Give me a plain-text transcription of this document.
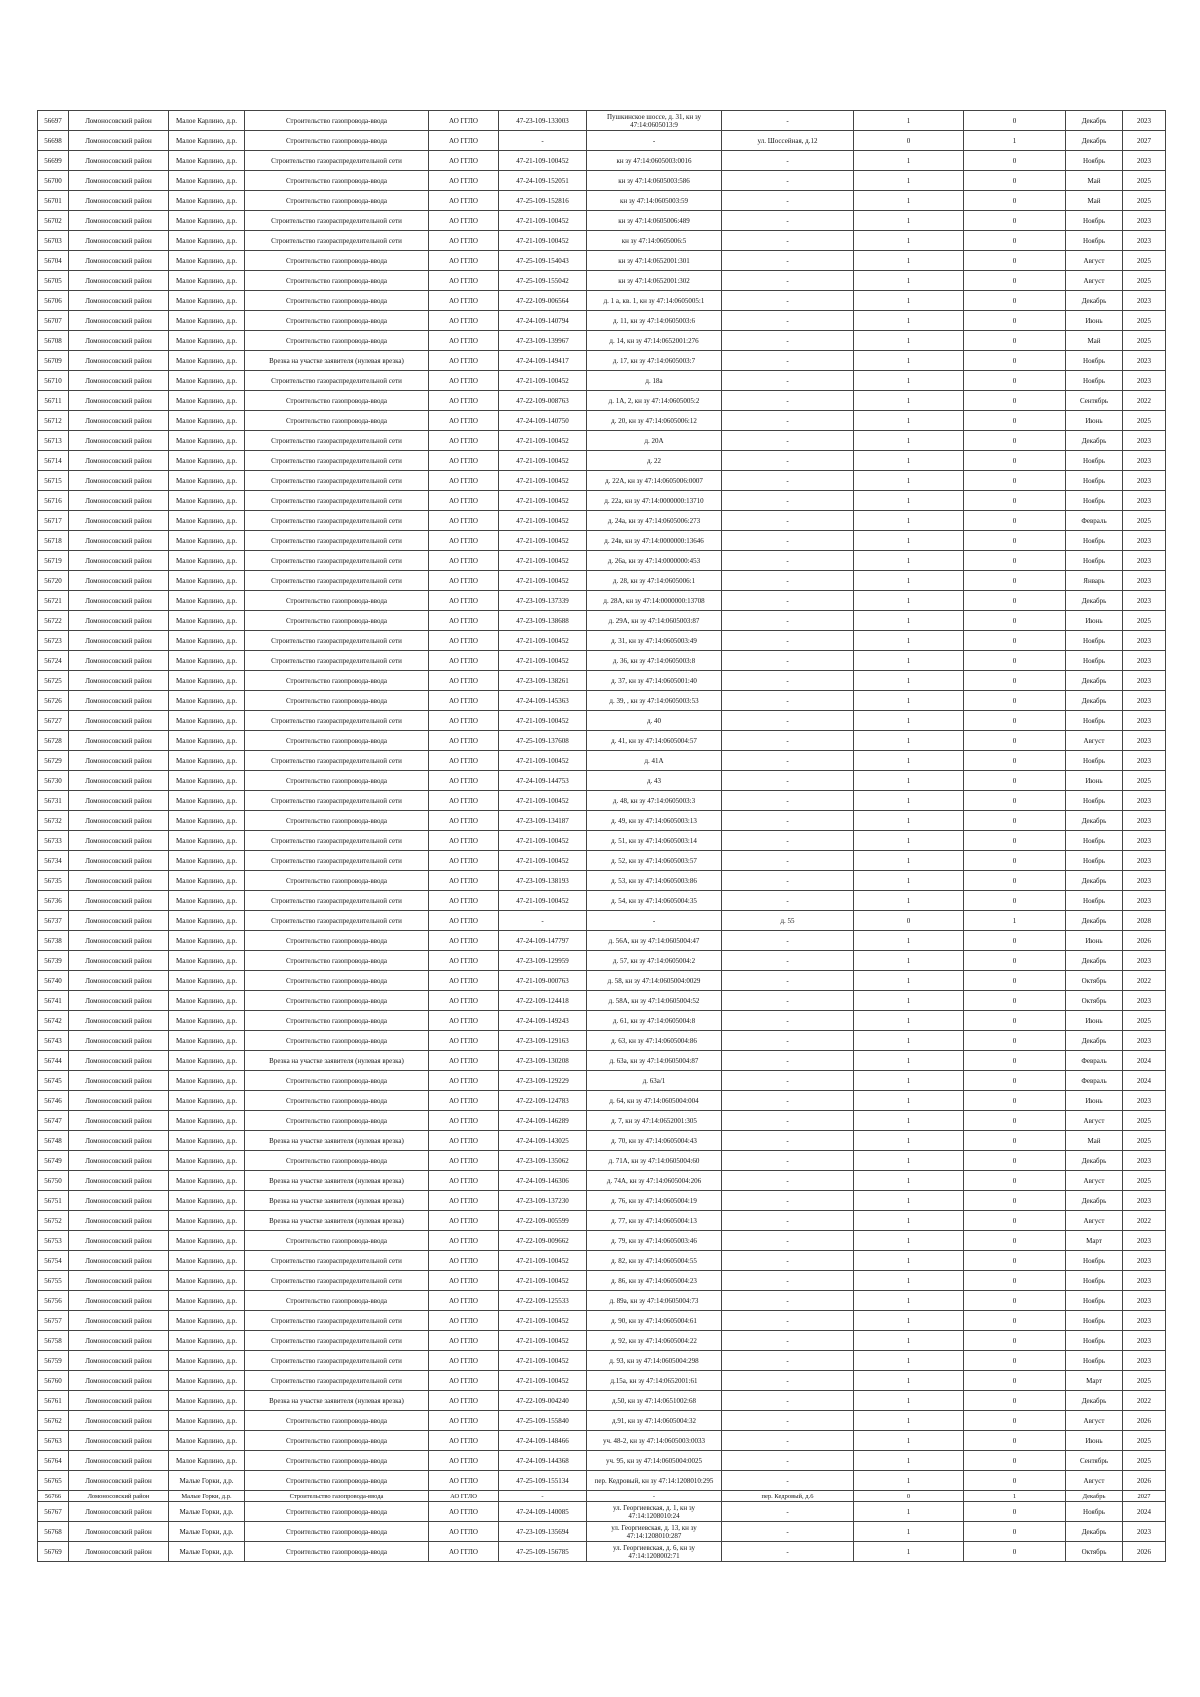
56697	Ломоносовский район	Малое Карлино, д.р.	Строительство газопровода-ввода	АО ГГЛО	47-23-109-133003	Пушкинское шоссе, д. 31, кн зу 47:14:0605013:9	-	1	0	Декабрь	2023
56698	Ломоносовский район	Малое Карлино, д.р.	Строительство газопровода-ввода	АО ГГЛО	-	-	ул. Шоссейная, д.12	0	1	Декабрь	2027
56699	Ломоносовский район	Малое Карлино, д.р.	Строительство газораспределительной сети	АО ГГЛО	47-21-109-100452	кн зу 47:14:0605003:0016	-	1	0	Ноябрь	2023
56700	Ломоносовский район	Малое Карлино, д.р.	Строительство газопровода-ввода	АО ГГЛО	47-24-109-152051	кн зу 47:14:0605003:586	-	1	0	Май	2025
56701	Ломоносовский район	Малое Карлино, д.р.	Строительство газопровода-ввода	АО ГГЛО	47-25-109-152816	кн зу 47:14:0605003:59	-	1	0	Май	2025
56702	Ломоносовский район	Малое Карлино, д.р.	Строительство газораспределительной сети	АО ГГЛО	47-21-109-100452	кн зу 47:14:0605006:489	-	1	0	Ноябрь	2023
56703	Ломоносовский район	Малое Карлино, д.р.	Строительство газораспределительной сети	АО ГГЛО	47-21-109-100452	кн зу 47:14:0605006:5	-	1	0	Ноябрь	2023
56704	Ломоносовский район	Малое Карлино, д.р.	Строительство газопровода-ввода	АО ГГЛО	47-25-109-154043	кн зу 47:14:0652001:301	-	1	0	Август	2025
56705	Ломоносовский район	Малое Карлино, д.р.	Строительство газопровода-ввода	АО ГГЛО	47-25-109-155042	кн зу 47:14:0652001:302	-	1	0	Август	2025
56706	Ломоносовский район	Малое Карлино, д.р.	Строительство газопровода-ввода	АО ГГЛО	47-22-109-006564	д. 1 а, кв. 1, кн зу 47:14:0605005:1	-	1	0	Декабрь	2023
56707	Ломоносовский район	Малое Карлино, д.р.	Строительство газопровода-ввода	АО ГГЛО	47-24-109-140794	д. 11, кн зу 47:14:0605003:6	-	1	0	Июнь	2025
56708	Ломоносовский район	Малое Карлино, д.р.	Строительство газопровода-ввода	АО ГГЛО	47-23-109-139967	д. 14, кн зу 47:14:0652001:276	-	1	0	Май	2025
56709	Ломоносовский район	Малое Карлино, д.р.	Врезка на участке заявителя (нулевая врезка)	АО ГГЛО	47-24-109-149417	д. 17, кн зу 47:14:0605003:7	-	1	0	Ноябрь	2023
56710	Ломоносовский район	Малое Карлино, д.р.	Строительство газораспределительной сети	АО ГГЛО	47-21-109-100452	д. 18а	-	1	0	Ноябрь	2023
56711	Ломоносовский район	Малое Карлино, д.р.	Строительство газопровода-ввода	АО ГГЛО	47-22-109-008763	д. 1А, 2, кн зу 47:14:0605005:2	-	1	0	Сентябрь	2022
56712	Ломоносовский район	Малое Карлино, д.р.	Строительство газопровода-ввода	АО ГГЛО	47-24-109-140750	д. 20, кн зу 47:14:0605006:12	-	1	0	Июнь	2025
56713	Ломоносовский район	Малое Карлино, д.р.	Строительство газораспределительной сети	АО ГГЛО	47-21-109-100452	д. 20А	-	1	0	Декабрь	2023
56714	Ломоносовский район	Малое Карлино, д.р.	Строительство газораспределительной сети	АО ГГЛО	47-21-109-100452	д. 22	-	1	0	Ноябрь	2023
56715	Ломоносовский район	Малое Карлино, д.р.	Строительство газораспределительной сети	АО ГГЛО	47-21-109-100452	д. 22А, кн зу 47:14:0605006:0007	-	1	0	Ноябрь	2023
56716	Ломоносовский район	Малое Карлино, д.р.	Строительство газораспределительной сети	АО ГГЛО	47-21-109-100452	д. 22а, кн зу 47:14:0000000:13710	-	1	0	Ноябрь	2023
56717	Ломоносовский район	Малое Карлино, д.р.	Строительство газораспределительной сети	АО ГГЛО	47-21-109-100452	д. 24а, кн зу 47:14:0605006:273	-	1	0	Февраль	2025
56718	Ломоносовский район	Малое Карлино, д.р.	Строительство газораспределительной сети	АО ГГЛО	47-21-109-100452	д. 24в, кн зу 47:14:0000000:13646	-	1	0	Ноябрь	2023
56719	Ломоносовский район	Малое Карлино, д.р.	Строительство газораспределительной сети	АО ГГЛО	47-21-109-100452	д. 26а, кн зу 47:14:0000000:453	-	1	0	Ноябрь	2023
56720	Ломоносовский район	Малое Карлино, д.р.	Строительство газораспределительной сети	АО ГГЛО	47-21-109-100452	д. 28, кн зу 47:14:0605006:1	-	1	0	Январь	2023
56721	Ломоносовский район	Малое Карлино, д.р.	Строительство газопровода-ввода	АО ГГЛО	47-23-109-137339	д. 28А, кн зу 47:14:0000000:13708	-	1	0	Декабрь	2023
56722	Ломоносовский район	Малое Карлино, д.р.	Строительство газопровода-ввода	АО ГГЛО	47-23-109-138688	д. 29А, кн зу 47:14:0605003:87	-	1	0	Июнь	2025
56723	Ломоносовский район	Малое Карлино, д.р.	Строительство газораспределительной сети	АО ГГЛО	47-21-109-100452	д. 31, кн зу 47:14:0605003:49	-	1	0	Ноябрь	2023
56724	Ломоносовский район	Малое Карлино, д.р.	Строительство газораспределительной сети	АО ГГЛО	47-21-109-100452	д. 36, кн зу 47:14:0605003:8	-	1	0	Ноябрь	2023
56725	Ломоносовский район	Малое Карлино, д.р.	Строительство газопровода-ввода	АО ГГЛО	47-23-109-138261	д. 37, кн зу 47:14:0605001:40	-	1	0	Декабрь	2023
56726	Ломоносовский район	Малое Карлино, д.р.	Строительство газопровода-ввода	АО ГГЛО	47-24-109-145363	д. 39, , кн зу 47:14:0605003:53	-	1	0	Декабрь	2023
56727	Ломоносовский район	Малое Карлино, д.р.	Строительство газораспределительной сети	АО ГГЛО	47-21-109-100452	д. 40	-	1	0	Ноябрь	2023
56728	Ломоносовский район	Малое Карлино, д.р.	Строительство газопровода-ввода	АО ГГЛО	47-25-109-137608	д. 41, кн зу 47:14:0605004:57	-	1	0	Август	2023
56729	Ломоносовский район	Малое Карлино, д.р.	Строительство газораспределительной сети	АО ГГЛО	47-21-109-100452	д. 41А	-	1	0	Ноябрь	2023
56730	Ломоносовский район	Малое Карлино, д.р.	Строительство газопровода-ввода	АО ГГЛО	47-24-109-144753	д. 43	-	1	0	Июнь	2025
56731	Ломоносовский район	Малое Карлино, д.р.	Строительство газораспределительной сети	АО ГГЛО	47-21-109-100452	д. 48, кн зу 47:14:0605003:3	-	1	0	Ноябрь	2023
56732	Ломоносовский район	Малое Карлино, д.р.	Строительство газопровода-ввода	АО ГГЛО	47-23-109-134187	д. 49, кн зу 47:14:0605003:13	-	1	0	Декабрь	2023
56733	Ломоносовский район	Малое Карлино, д.р.	Строительство газораспределительной сети	АО ГГЛО	47-21-109-100452	д. 51, кн зу 47:14:0605003:14	-	1	0	Ноябрь	2023
56734	Ломоносовский район	Малое Карлино, д.р.	Строительство газораспределительной сети	АО ГГЛО	47-21-109-100452	д. 52, кн зу 47:14:0605003:57	-	1	0	Ноябрь	2023
56735	Ломоносовский район	Малое Карлино, д.р.	Строительство газопровода-ввода	АО ГГЛО	47-23-109-138193	д. 53, кн зу 47:14:0605003:86	-	1	0	Декабрь	2023
56736	Ломоносовский район	Малое Карлино, д.р.	Строительство газораспределительной сети	АО ГГЛО	47-21-109-100452	д. 54, кн зу 47:14:0605004:35	-	1	0	Ноябрь	2023
56737	Ломоносовский район	Малое Карлино, д.р.	Строительство газораспределительной сети	АО ГГЛО	-	-	д. 55	0	1	Декабрь	2028
56738	Ломоносовский район	Малое Карлино, д.р.	Строительство газопровода-ввода	АО ГГЛО	47-24-109-147797	д. 56А, кн зу 47:14:0605004:47	-	1	0	Июнь	2026
56739	Ломоносовский район	Малое Карлино, д.р.	Строительство газопровода-ввода	АО ГГЛО	47-23-109-129959	д. 57, кн зу 47:14:0605004:2	-	1	0	Декабрь	2023
56740	Ломоносовский район	Малое Карлино, д.р.	Строительство газопровода-ввода	АО ГГЛО	47-21-109-000763	д. 58, кн зу 47:14:0605004:0029	-	1	0	Октябрь	2022
56741	Ломоносовский район	Малое Карлино, д.р.	Строительство газопровода-ввода	АО ГГЛО	47-22-109-124418	д. 58А, кн зу 47:14:0605004:52	-	1	0	Октябрь	2023
56742	Ломоносовский район	Малое Карлино, д.р.	Строительство газопровода-ввода	АО ГГЛО	47-24-109-149243	д. 61, кн зу 47:14:0605004:8	-	1	0	Июнь	2025
56743	Ломоносовский район	Малое Карлино, д.р.	Строительство газопровода-ввода	АО ГГЛО	47-23-109-129163	д. 63, кн зу 47:14:0605004:86	-	1	0	Декабрь	2023
56744	Ломоносовский район	Малое Карлино, д.р.	Врезка на участке заявителя (нулевая врезка)	АО ГГЛО	47-23-109-130208	д. 63а, кн зу 47:14:0605004:87	-	1	0	Февраль	2024
56745	Ломоносовский район	Малое Карлино, д.р.	Строительство газопровода-ввода	АО ГГЛО	47-23-109-129229	д. 63а/1	-	1	0	Февраль	2024
56746	Ломоносовский район	Малое Карлино, д.р.	Строительство газопровода-ввода	АО ГГЛО	47-22-109-124783	д. 64, кн зу 47:14:0605004:004	-	1	0	Июнь	2023
56747	Ломоносовский район	Малое Карлино, д.р.	Строительство газопровода-ввода	АО ГГЛО	47-24-109-146289	д. 7, кн зу 47:14:0652001:305	-	1	0	Август	2025
56748	Ломоносовский район	Малое Карлино, д.р.	Врезка на участке заявителя (нулевая врезка)	АО ГГЛО	47-24-109-143025	д. 70, кн зу 47:14:0605004:43	-	1	0	Май	2025
56749	Ломоносовский район	Малое Карлино, д.р.	Строительство газопровода-ввода	АО ГГЛО	47-23-109-135062	д. 71А, кн зу 47:14:0605004:60	-	1	0	Декабрь	2023
56750	Ломоносовский район	Малое Карлино, д.р.	Врезка на участке заявителя (нулевая врезка)	АО ГГЛО	47-24-109-146306	д. 74А, кн зу 47:14:0605004:206	-	1	0	Август	2025
56751	Ломоносовский район	Малое Карлино, д.р.	Врезка на участке заявителя (нулевая врезка)	АО ГГЛО	47-23-109-137230	д. 76, кн зу 47:14:0605004:19	-	1	0	Декабрь	2023
56752	Ломоносовский район	Малое Карлино, д.р.	Врезка на участке заявителя (нулевая врезка)	АО ГГЛО	47-22-109-005599	д. 77, кн зу 47:14:0605004:13	-	1	0	Август	2022
56753	Ломоносовский район	Малое Карлино, д.р.	Строительство газопровода-ввода	АО ГГЛО	47-22-109-009662	д. 79, кн зу 47:14:0605003:46	-	1	0	Март	2023
56754	Ломоносовский район	Малое Карлино, д.р.	Строительство газораспределительной сети	АО ГГЛО	47-21-109-100452	д. 82, кн зу 47:14:0605004:55	-	1	0	Ноябрь	2023
56755	Ломоносовский район	Малое Карлино, д.р.	Строительство газораспределительной сети	АО ГГЛО	47-21-109-100452	д. 86, кн зу 47:14:0605004:23	-	1	0	Ноябрь	2023
56756	Ломоносовский район	Малое Карлино, д.р.	Строительство газопровода-ввода	АО ГГЛО	47-22-109-125533	д. 89а, кн зу 47:14:0605004:73	-	1	0	Ноябрь	2023
56757	Ломоносовский район	Малое Карлино, д.р.	Строительство газораспределительной сети	АО ГГЛО	47-21-109-100452	д. 90, кн зу 47:14:0605004:61	-	1	0	Ноябрь	2023
56758	Ломоносовский район	Малое Карлино, д.р.	Строительство газораспределительной сети	АО ГГЛО	47-21-109-100452	д. 92, кн зу 47:14:0605004:22	-	1	0	Ноябрь	2023
56759	Ломоносовский район	Малое Карлино, д.р.	Строительство газораспределительной сети	АО ГГЛО	47-21-109-100452	д. 93, кн зу 47:14:0605004:298	-	1	0	Ноябрь	2023
56760	Ломоносовский район	Малое Карлино, д.р.	Строительство газораспределительной сети	АО ГГЛО	47-21-109-100452	д.15а, кн зу 47:14:0652001:61	-	1	0	Март	2025
56761	Ломоносовский район	Малое Карлино, д.р.	Врезка на участке заявителя (нулевая врезка)	АО ГГЛО	47-22-109-004240	д.50, кн зу 47:14:0651002:68	-	1	0	Декабрь	2022
56762	Ломоносовский район	Малое Карлино, д.р.	Строительство газопровода-ввода	АО ГГЛО	47-25-109-155840	д.91, кн зу 47:14:0605004:32	-	1	0	Август	2026
56763	Ломоносовский район	Малое Карлино, д.р.	Строительство газопровода-ввода	АО ГГЛО	47-24-109-148466	уч. 48-2, кн зу 47:14:0605003:0033	-	1	0	Июнь	2025
56764	Ломоносовский район	Малое Карлино, д.р.	Строительство газопровода-ввода	АО ГГЛО	47-24-109-144368	уч. 95, кн зу 47:14:0605004:0025	-	1	0	Сентябрь	2025
56765	Ломоносовский район	Малые Горки, д.р.	Строительство газопровода-ввода	АО ГГЛО	47-25-109-155134	пер. Кедровый, кн зу 47:14:1208010:295	-	1	0	Август	2026
56766	Ломоносовский район	Малые Горки, д.р.	Строительство газопровода-ввода	АО ГГЛО	-	-	пер. Кедровый, д.6	0	1	Декабрь	2027
56767	Ломоносовский район	Малые Горки, д.р.	Строительство газопровода-ввода	АО ГГЛО	47-24-109-140085	ул. Георгиевская, д. 1, кн зу 47:14:1208010:24	-	1	0	Ноябрь	2024
56768	Ломоносовский район	Малые Горки, д.р.	Строительство газопровода-ввода	АО ГГЛО	47-23-109-135694	ул. Георгиевская, д. 13, кн зу 47:14:1208010:287	-	1	0	Декабрь	2023
56769	Ломоносовский район	Малые Горки, д.р.	Строительство газопровода-ввода	АО ГГЛО	47-25-109-156785	ул. Георгиевская, д. 6, кн зу 47:14:1208002:71	-	1	0	Октябрь	2026
